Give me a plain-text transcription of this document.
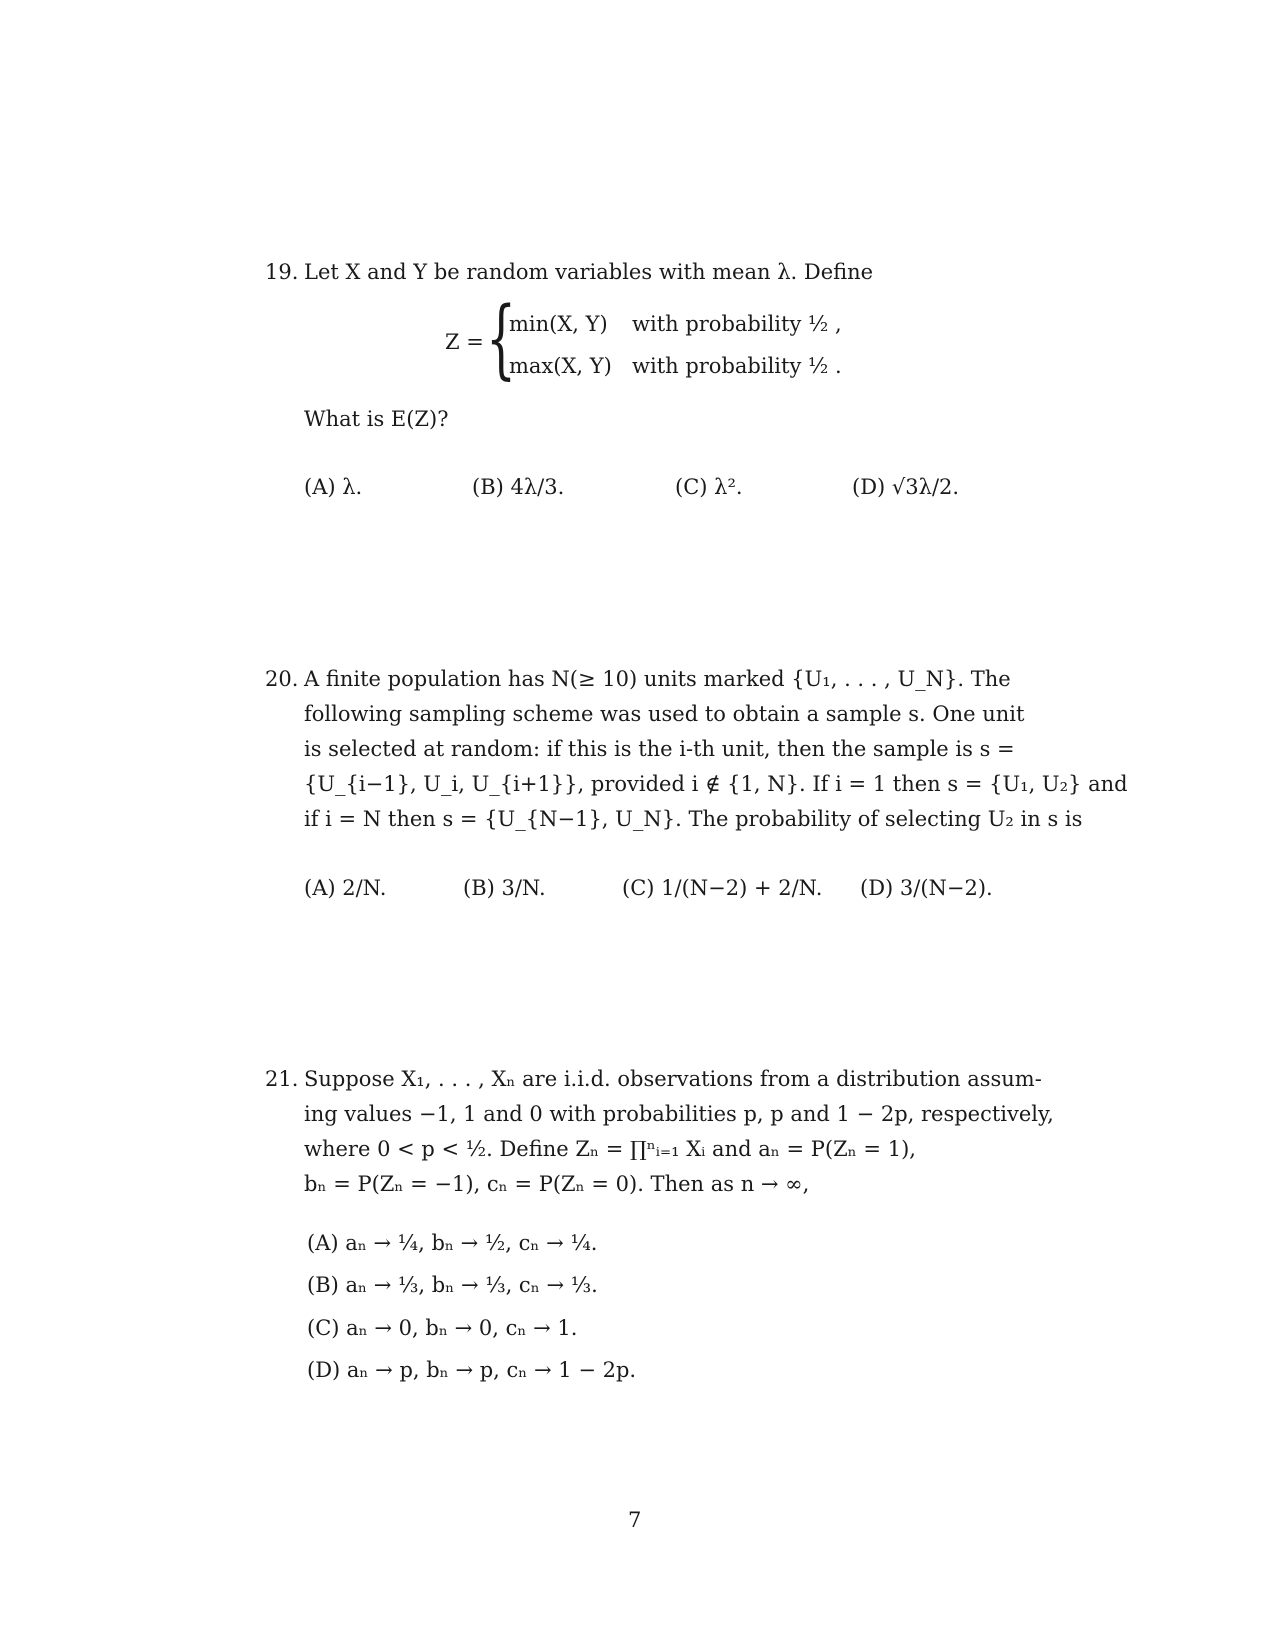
19. Let X and Y be random variables with mean λ. Define
Z = {
min(X, Y) with probability ½ ,
max(X, Y) with probability ½ .
What is E(Z)?
(A) λ.	(B) 4λ/3.	(C) λ².	(D) √3λ/2.
20. A finite population has N(≥ 10) units marked {U₁, . . . , U_N}. The
following sampling scheme was used to obtain a sample s. One unit
is selected at random: if this is the i-th unit, then the sample is s =
{U_{i−1}, U_i, U_{i+1}}, provided i ∉ {1, N}. If i = 1 then s = {U₁, U₂} and
if i = N then s = {U_{N−1}, U_N}. The probability of selecting U₂ in s is
(A) 2/N.	(B) 3/N.	(C) 1/(N−2) + 2/N. (D) 3/(N−2).
21. Suppose X₁, . . . , Xₙ are i.i.d. observations from a distribution assum-
ing values −1, 1 and 0 with probabilities p, p and 1 − 2p, respectively,
where 0 < p < ½. Define Zₙ = ∏ⁿᵢ₌₁ Xᵢ and aₙ = P(Zₙ = 1),
bₙ = P(Zₙ = −1), cₙ = P(Zₙ = 0). Then as n → ∞,
(A) aₙ → ¼, bₙ → ½, cₙ → ¼.
(B) aₙ → ⅓, bₙ → ⅓, cₙ → ⅓.
(C) aₙ → 0, bₙ → 0, cₙ → 1.
(D) aₙ → p, bₙ → p, cₙ → 1 − 2p.
7
